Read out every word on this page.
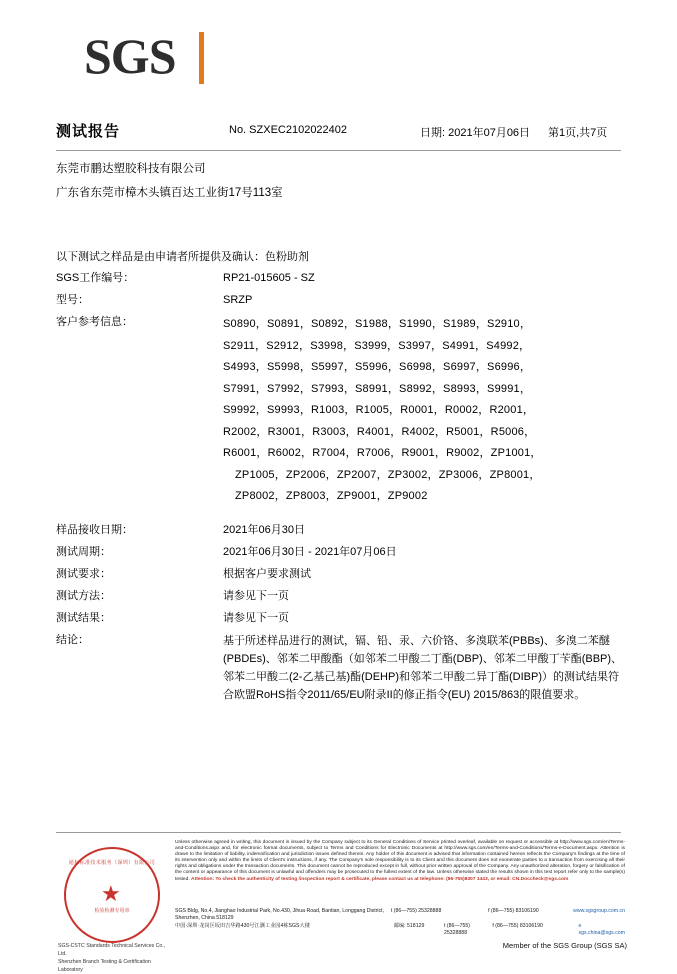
SGS
测试报告	No. SZXEC2102022402	日期: 2021年07月06日 第1页,共7页
东莞市鹏达塑胶科技有限公司
广东省东莞市樟木头镇百达工业街17号113室
以下测试之样品是由申请者所提供及确认：色粉助剂
SGS工作编号：	RP21-015605 - SZ
型号：	SRZP
客户参考信息：	S0890，S0891，S0892，S1988，S1990，S1989，S2910，
S2911，S2912，S3998，S3999，S3997，S4991，S4992，
S4993，S5998，S5997，S5996，S6998，S6997，S6996，
S7991，S7992，S7993，S8991，S8992，S8993，S9991，
S9992，S9993，R1003，R1005，R0001，R0002，R2001，
R2002，R3001，R3003，R4001，R4002，R5001，R5006，
R6001，R6002，R7004，R7006，R9001，R9002，ZP1001，
ZP1005，ZP2006，ZP2007，ZP3002，ZP3006，ZP8001，
ZP8002，ZP8003，ZP9001，ZP9002
样品接收日期：	2021年06月30日
测试周期：	2021年06月30日 - 2021年07月06日
测试要求：	根据客户要求测试
测试方法：	请参见下一页
测试结果：	请参见下一页
结论：	基于所述样品进行的测试，镉、铅、汞、六价铬、多溴联苯(PBBs)、多溴二苯醚(PBDEs)、邻苯二甲酸酯（如邻苯二甲酸二丁酯(DBP)、邻苯二甲酸丁苄酯(BBP)、邻苯二甲酸二(2-乙基己基)酯(DEHP)和邻苯二甲酸二异丁酯(DIBP)）的测试结果符合欧盟RoHS指令2011/65/EU附录II的修正指令(EU) 2015/863的限值要求。
通标标准技术服务（深圳）有限公司
★
检验检测专用章
SGS-CSTC Standards Technical Services Co., Ltd.
Shenzhen Branch Testing & Certification Laboratory
Unless otherwise agreed in writing, this document is issued by the Company subject to its General Conditions of Service printed overleaf, available on request or accessible at http://www.sgs.com/en/Terms-and-Conditions.aspx and, for electronic format documents, subject to Terms and Conditions for Electronic Documents at http://www.sgs.com/en/Terms-and-Conditions/Terms-e-Document.aspx. Attention is drawn to the limitation of liability, indemnification and jurisdiction issues defined therein. Any holder of this document is advised that information contained hereon reflects the Company's findings at the time of its intervention only and within the limits of Client's instructions, if any. The Company's sole responsibility is to its Client and this document does not exonerate parties to a transaction from exercising all their rights and obligations under the transaction documents. This document cannot be reproduced except in full, without prior written approval of the Company. Any unauthorized alteration, forgery or falsification of the content or appearance of this document is unlawful and offenders may be prosecuted to the fullest extent of the law. Unless otherwise stated the results shown in this test report refer only to the sample(s) tested. Attention: To check the authenticity of testing /inspection report & certificate, please contact us at telephone: (86-755)8307 1443, or email: CN.Doccheck@sgs.com
SGS Bldg, No.4, Jianghao Industrial Park, No.430, Jihua Road, Bantian, Longgang District, Shenzhen, China 518129
t (86—755) 25328888	f (86—755) 83106190	www.sgsgroup.com.cn
中国·深圳·龙岗区坂田吉华路430号江灏工业园4栋SGS大楼	邮编: 518129	t (86—755) 25328888
f (86—755) 83106190	e sgs.china@sgs.com
Member of the SGS Group (SGS SA)
